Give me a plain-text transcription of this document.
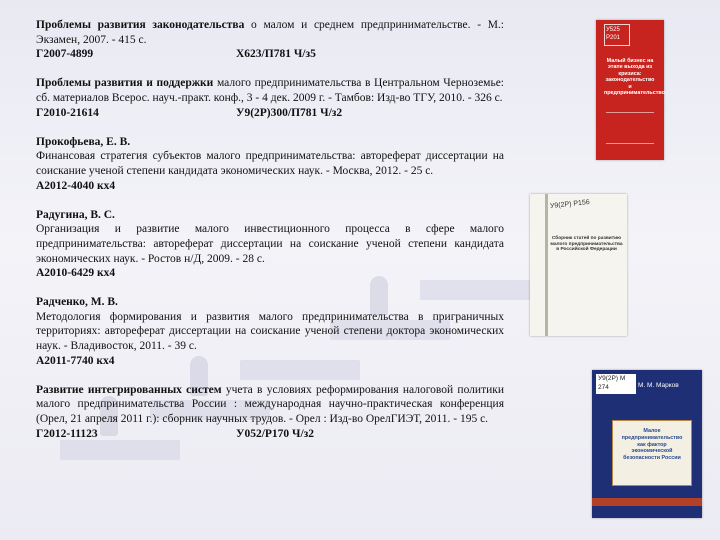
Проблемы развития законодательства о малом и среднем предпринимательстве. - М.: Экзамен, 2007. - 415 с.

Г2007-4899	Х623/П781 Ч/з5

Проблемы развития и поддержки малого предпринимательства в Центральном Черноземье: сб. материалов Всерос. науч.-практ. конф., 3 - 4 дек. 2009 г. - Тамбов: Изд-во ТГУ, 2010. - 326 с.

Г2010-21614	У9(2Р)300/П781 Ч/з2

Прокофьева, Е. В.

Финансовая стратегия субъектов малого предпринимательства: автореферат диссертации на соискание ученой степени кандидата экономических наук. - Москва, 2012. - 25 с.

А2012-4040 кх4

Радугина, В. С.

Организация и развитие малого инвестиционного процесса в сфере малого предпринимательства: автореферат диссертации на соискание ученой степени кандидата экономических наук. - Ростов н/Д, 2009. - 28 с.

А2010-6429 кх4

Радченко, М. В.

Методология формирования и развития малого предпринимательства в приграничных территориях: автореферат диссертации на соискание ученой степени доктора экономических наук. - Владивосток, 2011. - 39 с.

А2011-7740 кх4

Развитие интегрированных систем учета в условиях реформирования налоговой политики малого предпринимательства России : международная научно-практическая конференция (Орел, 21 апреля 2011 г.): сборник научных трудов. - Орел : Изд-во ОрелГИЭТ, 2011. - 195 с.

Г2012-11123	У052/Р170 Ч/з2
У525 Р201
Малый бизнес на этапе выхода из кризиса: законодательство и предпринимательство
У9(2Р) Р156
Сборник статей по развитию малого предпринимательства в Российской Федерации
У9(2Р) М 274	М. М. Марков
Малое предпринимательство как фактор экономической безопасности России
